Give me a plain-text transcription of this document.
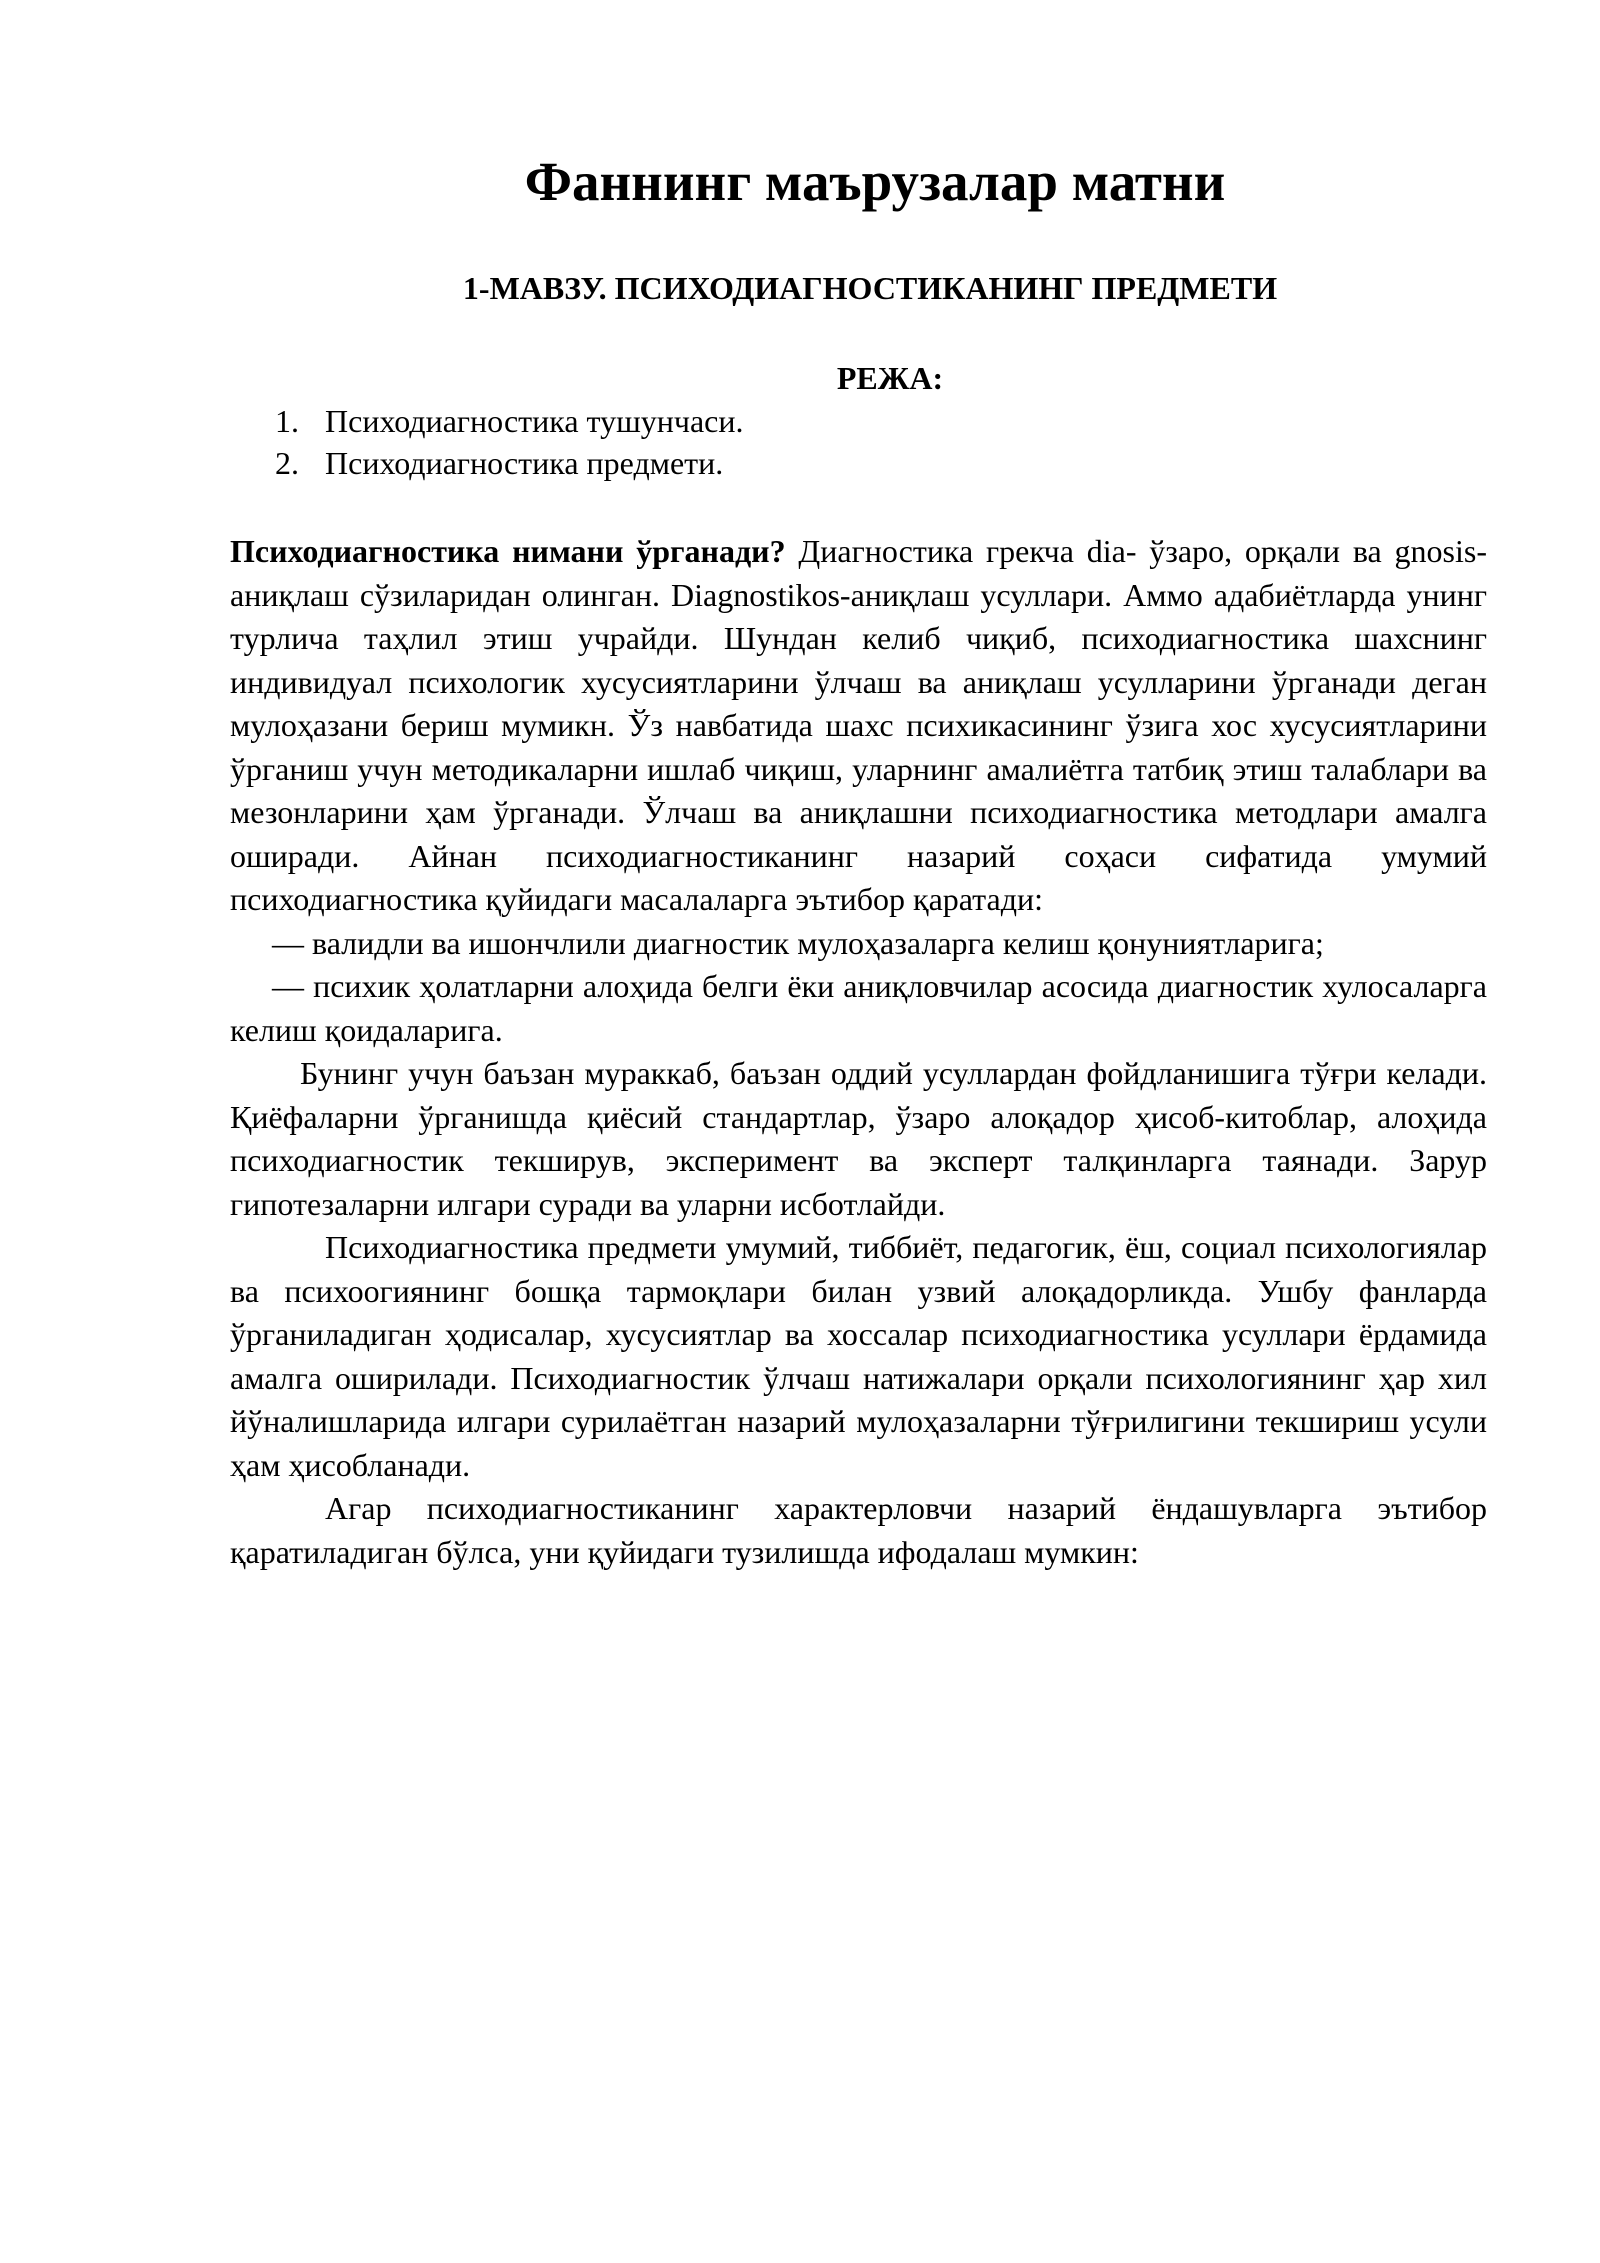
Фаннинг маърузалар матни
1-МАВЗУ. ПСИХОДИАГНОСТИКАНИНГ ПРЕДМЕТИ
РЕЖА:
1. Психодиагностика тушунчаси.
2. Психодиагностика предмети.

Психодиагностика нимани ўрганади? Диагностика грекча dia- ўзаро, орқали ва gnosis-аниқлаш сўзиларидан олинган. Diagnostikos-аниқлаш усуллари. Аммо адабиётларда унинг турлича таҳлил этиш учрайди. Шундан келиб чиқиб, психодиагностика шахснинг индивидуал психологик хусусиятларини ўлчаш ва аниқлаш усулларини ўрганади деган мулоҳазани бериш мумикн. Ўз навбатида шахс психикасининг ўзига хос хусусиятларини ўрганиш учун методикаларни ишлаб чиқиш, уларнинг амалиётга татбиқ этиш талаблари ва мезонларини ҳам ўрганади. Ўлчаш ва аниқлашни психодиагностика методлари амалга оширади. Айнан психодиагностиканинг назарий соҳаси сифатида умумий психодиагностика қуйидаги масалаларга эътибор қаратади:

— валидли ва ишончлили диагностик мулоҳазаларга келиш қонуниятларига;

— психик ҳолатларни алоҳида белги ёки аниқловчилар асосида диагностик хулосаларга келиш қоидаларига.

Бунинг учун баъзан мураккаб, баъзан оддий усуллардан фойдланишига тўғри келади. Қиёфаларни ўрганишда қиёсий стандартлар, ўзаро алоқадор ҳисоб-китоблар, алоҳида психодиагностик текширув, эксперимент ва эксперт талқинларга таянади. Зарур гипотезаларни илгари суради ва уларни исботлайди.

Психодиагностика предмети умумий, тиббиёт, педагогик, ёш, социал психологиялар ва психоогиянинг бошқа тармоқлари билан узвий алоқадорликда. Ушбу фанларда ўрганиладиган ҳодисалар, хусусиятлар ва хоссалар психодиагностика усуллари ёрдамида амалга оширилади. Психодиагностик ўлчаш натижалари орқали психологиянинг ҳар хил йўналишларида илгари сурилаётган назарий мулоҳазаларни тўғрилигини текшириш усули ҳам ҳисобланади.

Агар психодиагностиканинг характерловчи назарий ёндашувларга эътибор қаратиладиган бўлса, уни қуйидаги тузилишда ифодалаш мумкин:
